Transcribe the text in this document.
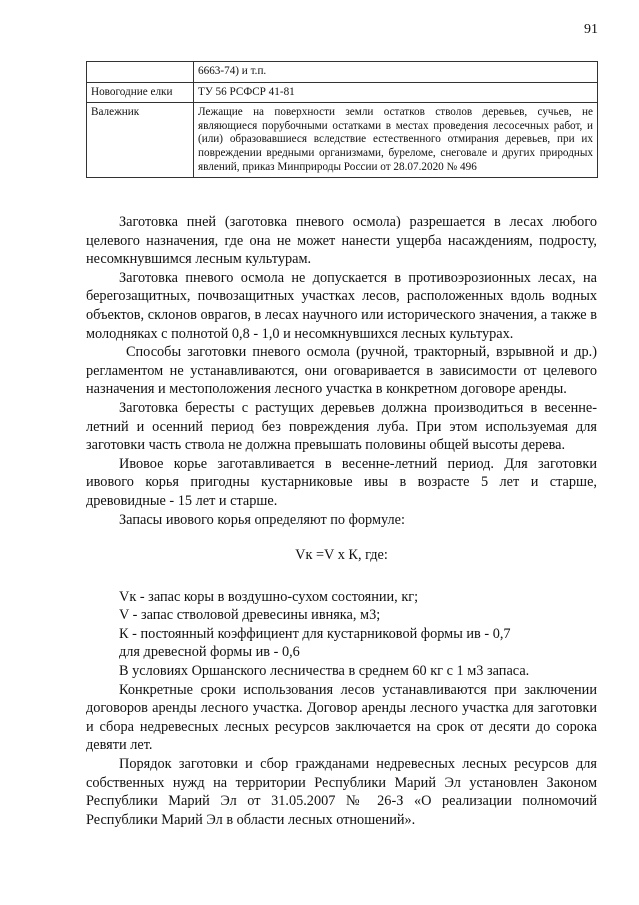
91
	6663-74) и т.п.
Новогодние елки	ТУ 56 РСФСР 41-81
Валежник	Лежащие на поверхности земли остатков стволов деревьев, сучьев, не являющиеся порубочными остатками в местах проведения лесосечных работ, и (или) образовавшиеся вследствие естественного отмирания деревьев, при их повреждении вредными организмами, буреломе, снеговале и других природных явлений, приказ Минприроды России от 28.07.2020 № 496

Заготовка пней (заготовка пневого осмола) разрешается в лесах любого целевого назначения, где она не может нанести ущерба насаждениям, подросту, несомкнувшимся лесным культурам.

Заготовка пневого осмола не допускается в противоэрозионных лесах, на берегозащитных, почвозащитных участках лесов, расположенных вдоль водных объектов, склонов оврагов, в лесах научного или исторического значения, а также в молодняках с полнотой 0,8 - 1,0 и несомкнувшихся лесных культурах.

Способы заготовки пневого осмола (ручной, тракторный, взрывной и др.) регламентом не устанавливаются, они оговаривается в зависимости от целевого назначения и местоположения лесного участка в конкретном договоре аренды.

Заготовка бересты с растущих деревьев должна производиться в весенне-летний и осенний период без повреждения луба. При этом используемая для заготовки часть ствола не должна превышать половины общей высоты дерева.

Ивовое корье заготавливается в весенне-летний период. Для заготовки ивового корья пригодны кустарниковые ивы в возрасте 5 лет и старше, древовидные - 15 лет и старше.

Запасы ивового корья определяют по формуле:

Vк =V х К, где:

Vк - запас коры в воздушно-сухом состоянии, кг;

V - запас стволовой древесины ивняка, м3;

К - постоянный коэффициент для кустарниковой формы ив - 0,7

для древесной формы ив - 0,6

В условиях Оршанского лесничества в среднем 60 кг с 1 м3 запаса.

Конкретные сроки использования лесов устанавливаются при заключении договоров аренды лесного участка. Договор аренды лесного участка для заготовки и сбора недревесных лесных ресурсов заключается на срок от десяти до сорока девяти лет.

Порядок заготовки и сбор гражданами недревесных лесных ресурсов для собственных нужд на территории Республики Марий Эл установлен Законом Республики Марий Эл от 31.05.2007 № 26-З «О реализации полномочий Республики Марий Эл в области лесных отношений».
